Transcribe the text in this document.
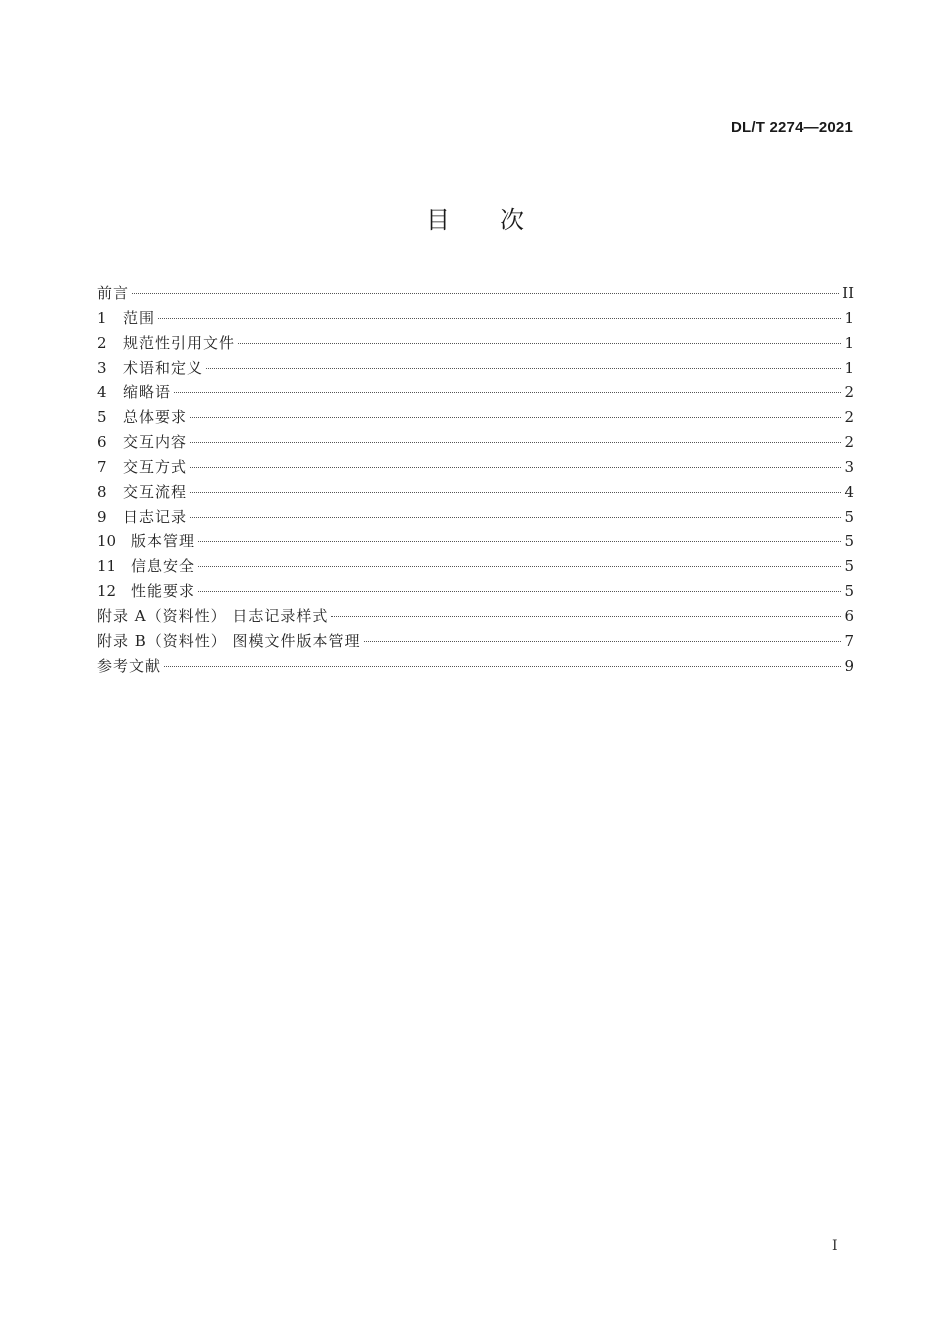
DL/T 2274—2021
目 次
前言	II
1	范围	1
2	规范性引用文件	1
3	术语和定义	1
4	缩略语	2
5	总体要求	2
6	交互内容	2
7	交互方式	3
8	交互流程	4
9	日志记录	5
10 版本管理	5
11 信息安全	5
12 性能要求	5
附录 A（资料性） 日志记录样式	6
附录 B（资料性） 图模文件版本管理	7
参考文献	9
I
